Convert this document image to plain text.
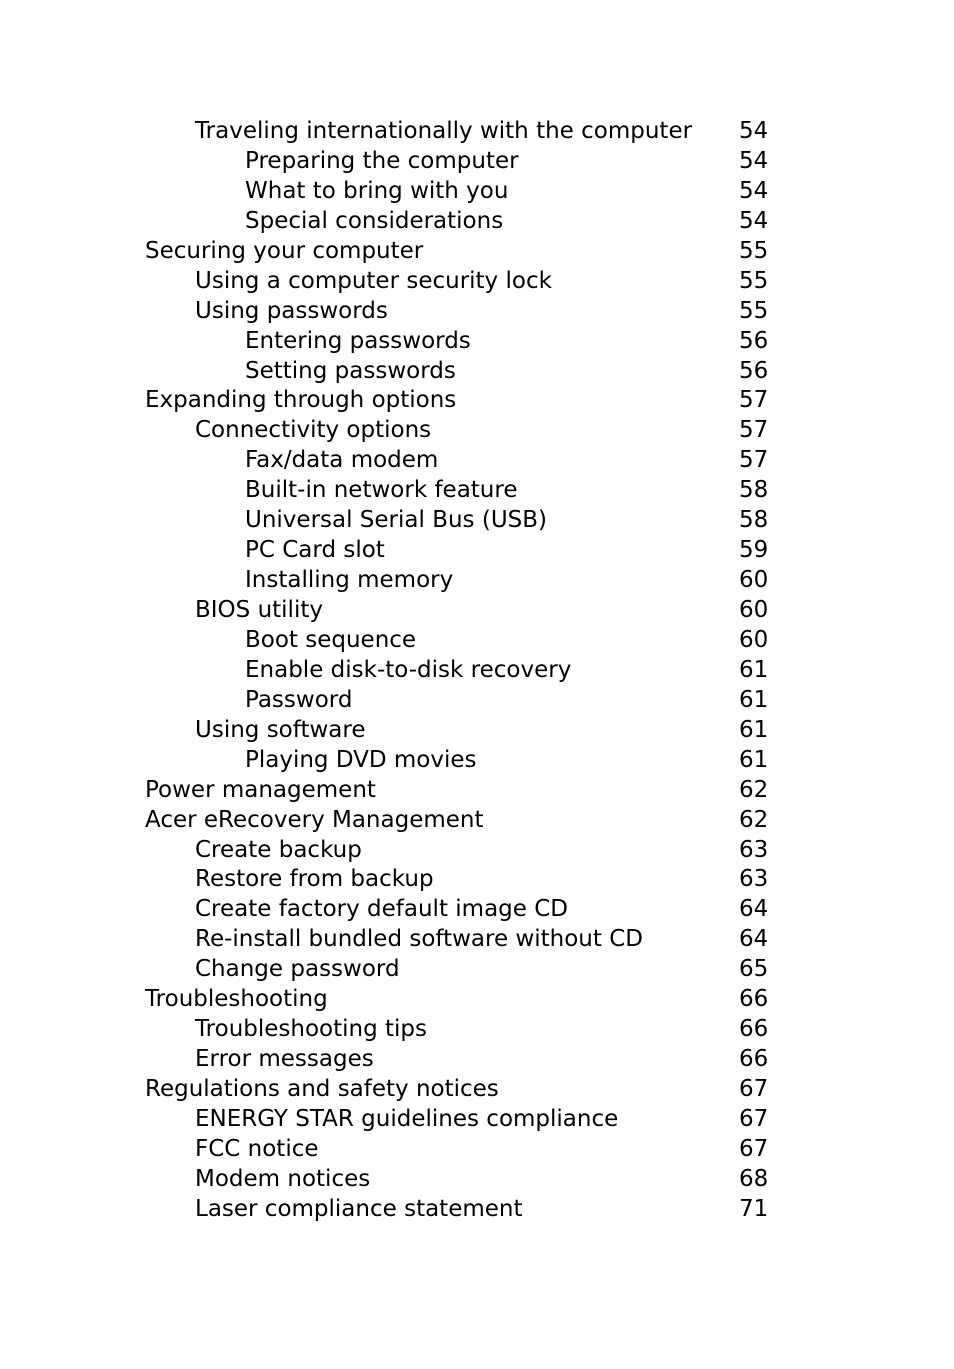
Traveling internationally with the computer 54
Preparing the computer	54
What to bring with you	54
Special considerations	54
Securing your computer	55
Using a computer security lock	55
Using passwords	55
Entering passwords	56
Setting passwords	56
Expanding through options	57
Connectivity options	57
Fax/data modem	57
Built-in network feature	58
Universal Serial Bus (USB)	58
PC Card slot	59
Installing memory	60
BIOS utility	60
Boot sequence	60
Enable disk-to-disk recovery	61
Password	61
Using software	61
Playing DVD movies	61
Power management	62
Acer eRecovery Management	62
Create backup	63
Restore from backup	63
Create factory default image CD	64
Re-install bundled software without CD	64
Change password	65
Troubleshooting	66
Troubleshooting tips	66
Error messages	66
Regulations and safety notices	67
ENERGY STAR guidelines compliance	67
FCC notice	67
Modem notices	68
Laser compliance statement	71
